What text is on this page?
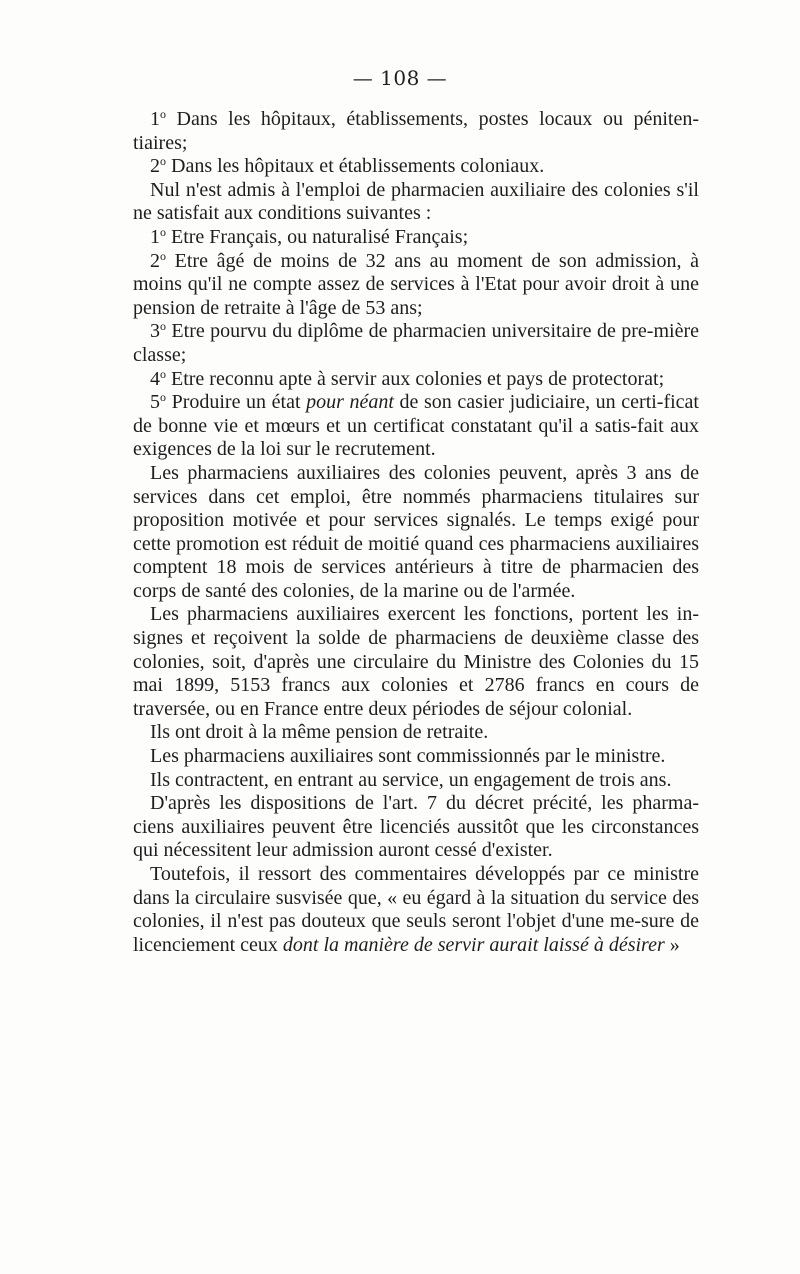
— 108 —

1$^o$ Dans les hôpitaux, établissements, postes locaux ou péniten-tiaires;

2$^o$ Dans les hôpitaux et établissements coloniaux.

Nul n'est admis à l'emploi de pharmacien auxiliaire des colonies s'il ne satisfait aux conditions suivantes :

1$^o$ Etre Français, ou naturalisé Français;

2$^o$ Etre âgé de moins de 32 ans au moment de son admission, à moins qu'il ne compte assez de services à l'Etat pour avoir droit à une pension de retraite à l'âge de 53 ans;

3$^o$ Etre pourvu du diplôme de pharmacien universitaire de pre-mière classe;

4$^o$ Etre reconnu apte à servir aux colonies et pays de protectorat;

5$^o$ Produire un état pour néant de son casier judiciaire, un certi-ficat de bonne vie et mœurs et un certificat constatant qu'il a satis-fait aux exigences de la loi sur le recrutement.

Les pharmaciens auxiliaires des colonies peuvent, après 3 ans de services dans cet emploi, être nommés pharmaciens titulaires sur proposition motivée et pour services signalés. Le temps exigé pour cette promotion est réduit de moitié quand ces pharmaciens auxiliaires comptent 18 mois de services antérieurs à titre de pharmacien des corps de santé des colonies, de la marine ou de l'armée.

Les pharmaciens auxiliaires exercent les fonctions, portent les in-signes et reçoivent la solde de pharmaciens de deuxième classe des colonies, soit, d'après une circulaire du Ministre des Colonies du 15 mai 1899, 5153 francs aux colonies et 2786 francs en cours de traversée, ou en France entre deux périodes de séjour colonial.

Ils ont droit à la même pension de retraite.

Les pharmaciens auxiliaires sont commissionnés par le ministre.

Ils contractent, en entrant au service, un engagement de trois ans.

D'après les dispositions de l'art. 7 du décret précité, les pharma-ciens auxiliaires peuvent être licenciés aussitôt que les circonstances qui nécessitent leur admission auront cessé d'exister.

Toutefois, il ressort des commentaires développés par ce ministre dans la circulaire susvisée que, « eu égard à la situation du service des colonies, il n'est pas douteux que seuls seront l'objet d'une me-sure de licenciement ceux dont la manière de servir aurait laissé à désirer »
